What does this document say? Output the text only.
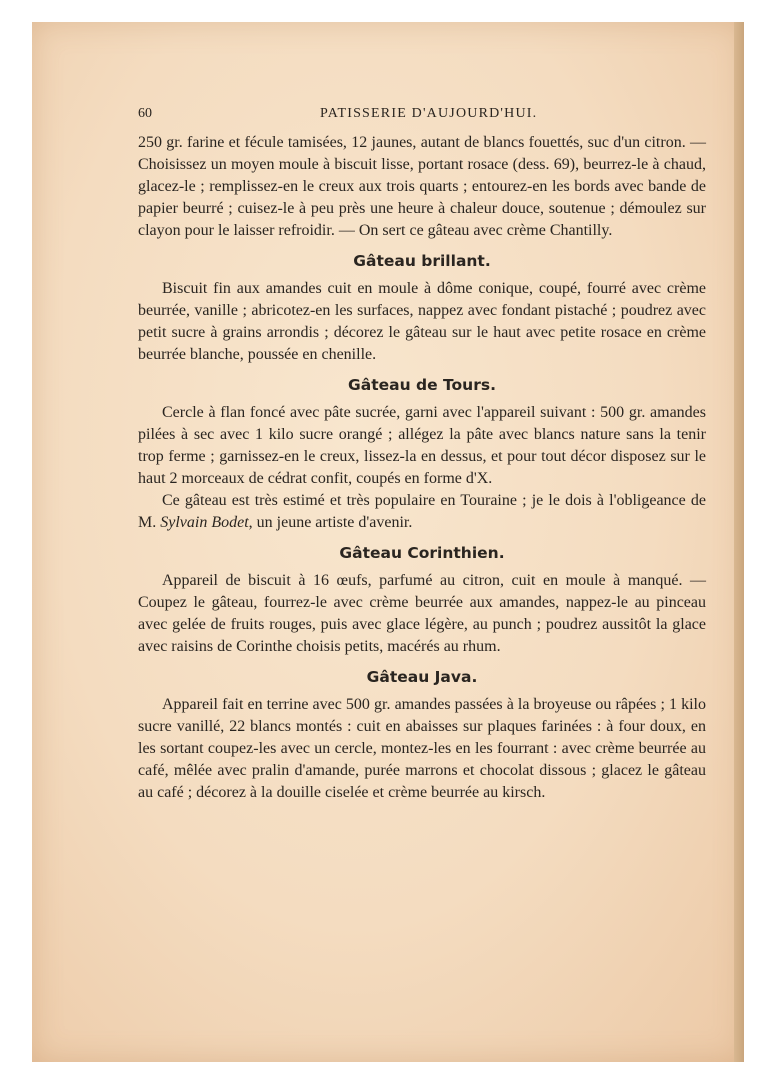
60	PATISSERIE D'AUJOURD'HUI.

250 gr. farine et fécule tamisées, 12 jaunes, autant de blancs fouettés, suc d'un citron. — Choisissez un moyen moule à biscuit lisse, portant rosace (dess. 69), beurrez-le à chaud, glacez-le ; remplissez-en le creux aux trois quarts ; entourez-en les bords avec bande de papier beurré ; cuisez-le à peu près une heure à chaleur douce, soutenue ; démoulez sur clayon pour le laisser refroidir. — On sert ce gâteau avec crème Chantilly.

Gâteau brillant.

Biscuit fin aux amandes cuit en moule à dôme conique, coupé, fourré avec crème beurrée, vanille ; abricotez-en les surfaces, nappez avec fondant pistaché ; poudrez avec petit sucre à grains arrondis ; décorez le gâteau sur le haut avec petite rosace en crème beurrée blanche, poussée en chenille.

Gâteau de Tours.

Cercle à flan foncé avec pâte sucrée, garni avec l'appareil suivant : 500 gr. amandes pilées à sec avec 1 kilo sucre orangé ; allégez la pâte avec blancs nature sans la tenir trop ferme ; garnissez-en le creux, lissez-la en dessus, et pour tout décor disposez sur le haut 2 morceaux de cédrat confit, coupés en forme d'X.

Ce gâteau est très estimé et très populaire en Touraine ; je le dois à l'obligeance de M. Sylvain Bodet, un jeune artiste d'avenir.

Gâteau Corinthien.

Appareil de biscuit à 16 œufs, parfumé au citron, cuit en moule à manqué. — Coupez le gâteau, fourrez-le avec crème beurrée aux amandes, nappez-le au pinceau avec gelée de fruits rouges, puis avec glace légère, au punch ; poudrez aussitôt la glace avec raisins de Corinthe choisis petits, macérés au rhum.

Gâteau Java.

Appareil fait en terrine avec 500 gr. amandes passées à la broyeuse ou râpées ; 1 kilo sucre vanillé, 22 blancs montés : cuit en abaisses sur plaques farinées : à four doux, en les sortant coupez-les avec un cercle, montez-les en les fourrant : avec crème beurrée au café, mêlée avec pralin d'amande, purée marrons et chocolat dissous ; glacez le gâteau au café ; décorez à la douille ciselée et crème beurrée au kirsch.
